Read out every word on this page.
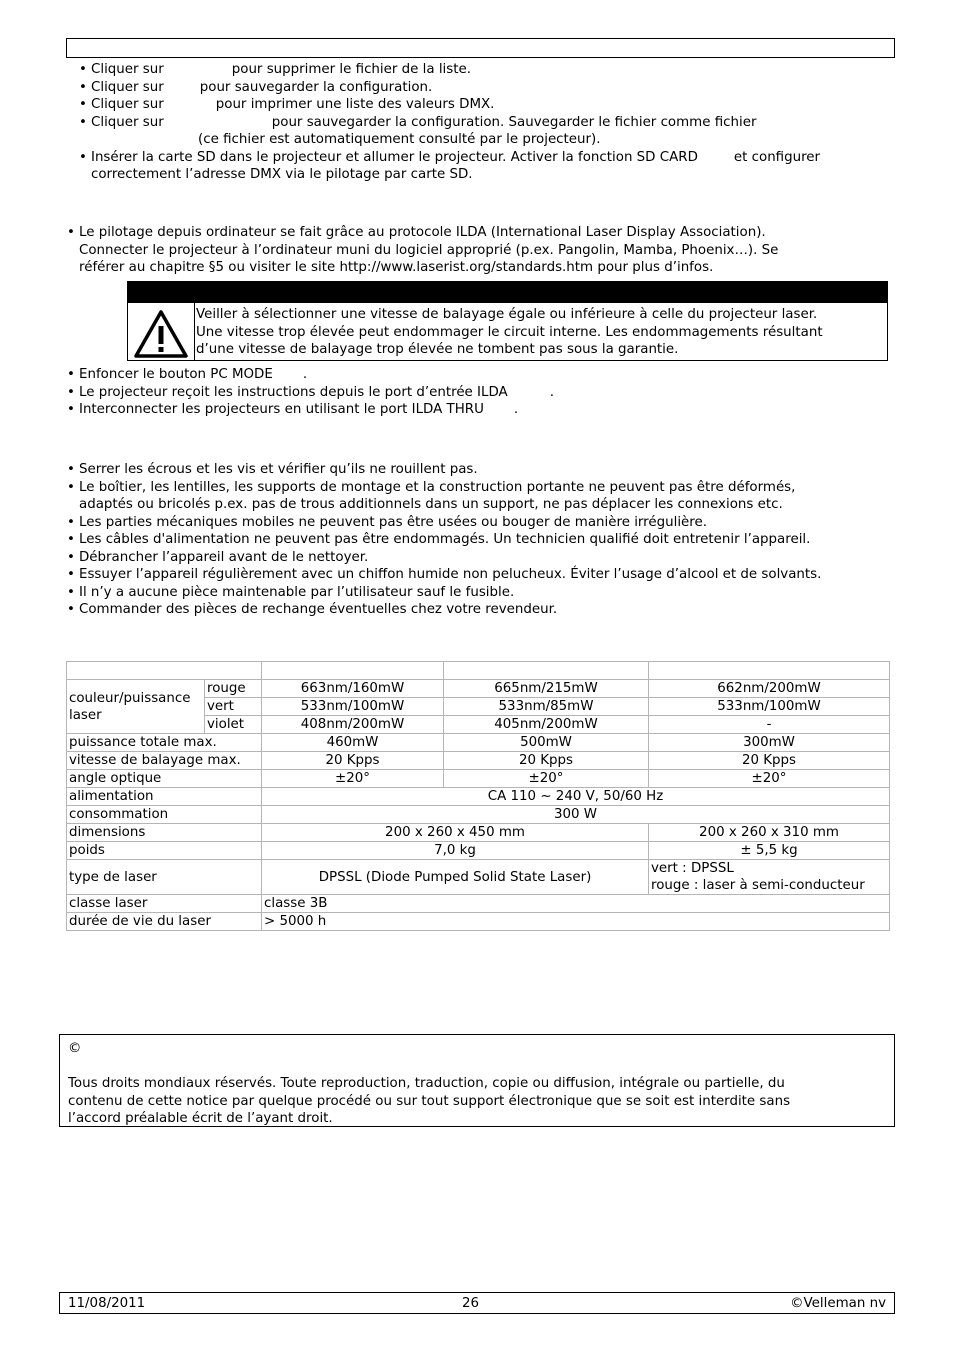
• Cliquer sur	pour supprimer le fichier de la liste.
• Cliquer sur	pour sauvegarder la configuration.
• Cliquer sur	pour imprimer une liste des valeurs DMX.
• Cliquer sur	pour sauvegarder la configuration. Sauvegarder le fichier comme fichier
(ce fichier est automatiquement consulté par le projecteur).
• Insérer la carte SD dans le projecteur et allumer le projecteur. Activer la fonction SD CARD	et configurer
correctement l’adresse DMX via le pilotage par carte SD.
• Le pilotage depuis ordinateur se fait grâce au protocole ILDA (International Laser Display Association).
Connecter le projecteur à l’ordinateur muni du logiciel approprié (p.ex. Pangolin, Mamba, Phoenix…). Se
référer au chapitre §5 ou visiter le site http://www.laserist.org/standards.htm pour plus d’infos.
Veiller à sélectionner une vitesse de balayage égale ou inférieure à celle du projecteur laser.
Une vitesse trop élevée peut endommager le circuit interne. Les endommagements résultant
d’une vitesse de balayage trop élevée ne tombent pas sous la garantie.
• Enfoncer le bouton PC MODE .
• Le projecteur reçoit les instructions depuis le port d’entrée ILDA	.
• Interconnecter les projecteurs en utilisant le port ILDA THRU .
• Serrer les écrous et les vis et vérifier qu’ils ne rouillent pas.
• Le boîtier, les lentilles, les supports de montage et la construction portante ne peuvent pas être déformés,
adaptés ou bricolés p.ex. pas de trous additionnels dans un support, ne pas déplacer les connexions etc.
• Les parties mécaniques mobiles ne peuvent pas être usées ou bouger de manière irrégulière.
• Les câbles d'alimentation ne peuvent pas être endommagés. Un technicien qualifié doit entretenir l’appareil.
• Débrancher l’appareil avant de le nettoyer.
• Essuyer l’appareil régulièrement avec un chiffon humide non pelucheux. Éviter l’usage d’alcool et de solvants.
• Il n’y a aucune pièce maintenable par l’utilisateur sauf le fusible.
• Commander des pièces de rechange éventuelles chez votre revendeur.

couleur/puissance
laser	rouge	663nm/160mW	665nm/215mW	662nm/200mW
	vert	533nm/100mW	533nm/85mW	533nm/100mW
	violet	408nm/200mW	405nm/200mW	-
puissance totale max.		460mW	500mW	300mW
vitesse de balayage max.		20 Kpps	20 Kpps	20 Kpps
angle optique		±20°	±20°	±20°
alimentation		CA 110 ~ 240 V, 50/60 Hz		
consommation		300 W		
dimensions		200 x 260 x 450 mm		200 x 260 x 310 mm
poids		7,0 kg		± 5,5 kg
type de laser		DPSSL (Diode Pumped Solid State Laser)		vert : DPSSL
rouge : laser à semi-conducteur
classe laser		classe 3B		
durée de vie du laser		> 5000 h		
©
Tous droits mondiaux réservés. Toute reproduction, traduction, copie ou diffusion, intégrale ou partielle, du
contenu de cette notice par quelque procédé ou sur tout support électronique que se soit est interdite sans
l’accord préalable écrit de l’ayant droit.
11/08/2011	26	©Velleman nv
